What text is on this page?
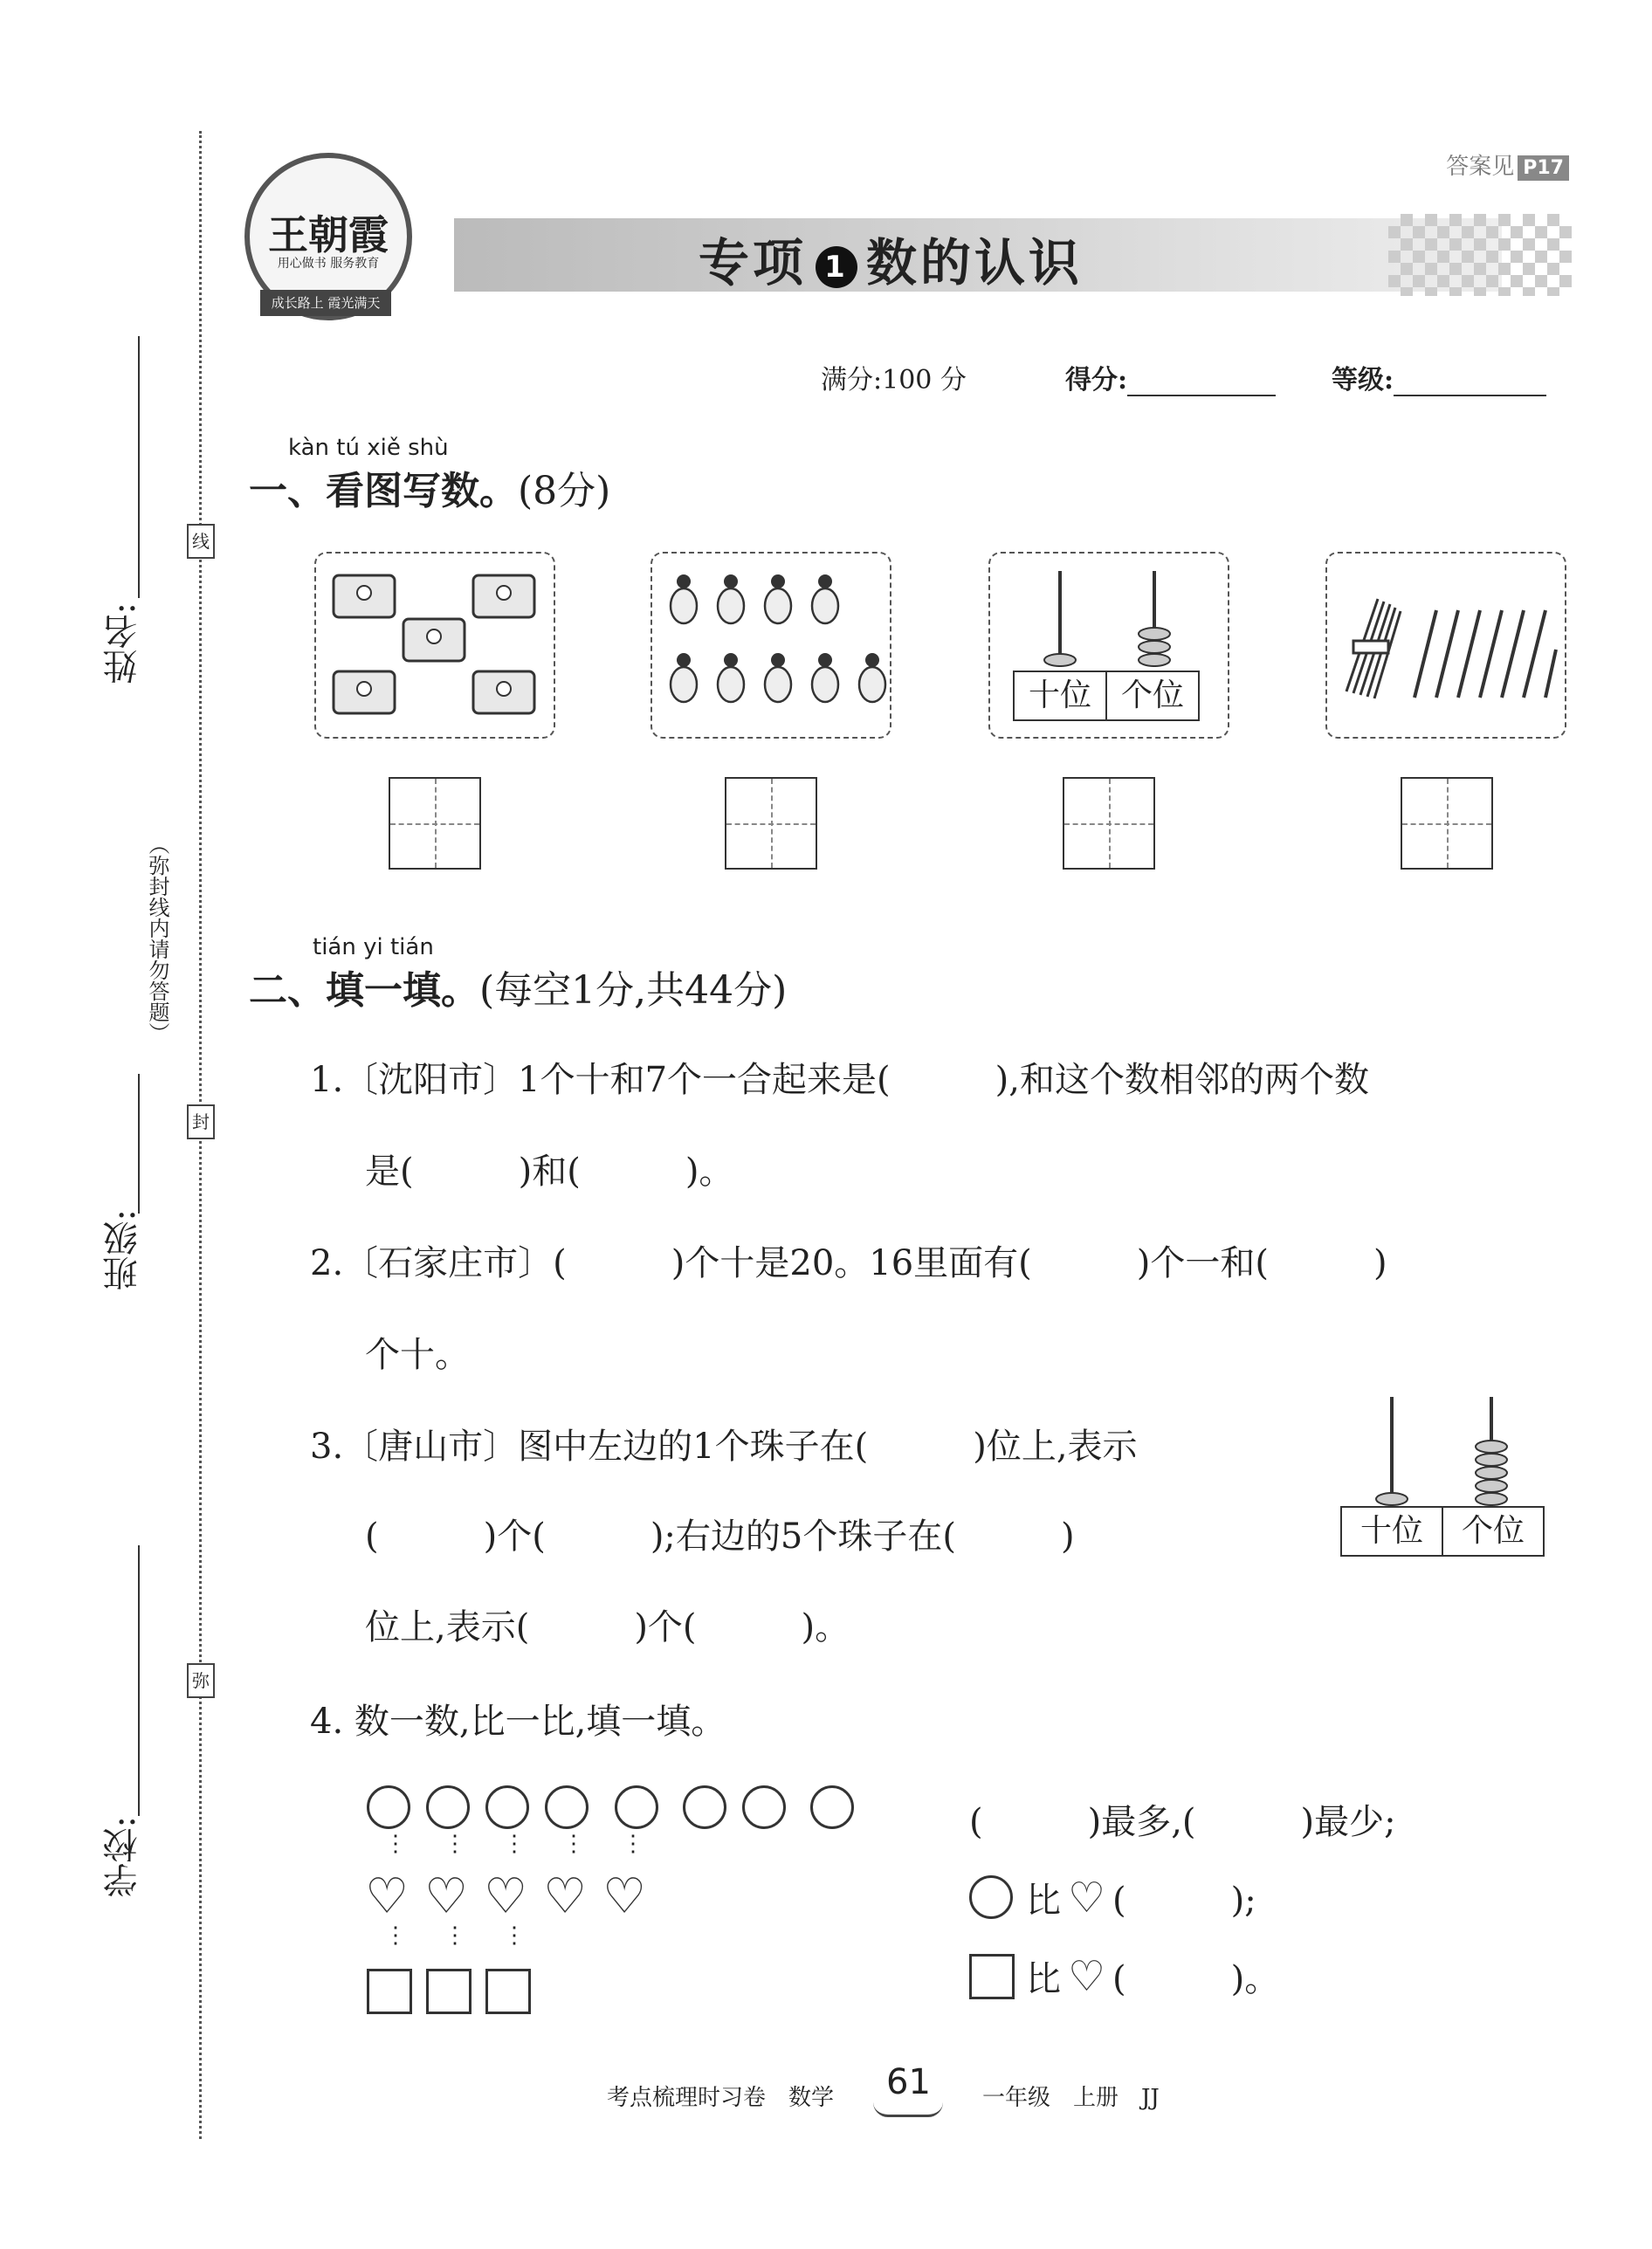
线
封
弥
姓名:
（弥封线内请勿答题）
班级:
学校:
答案见 P17
王朝霞
用心做书 服务教育
成长路上 霞光满天
专项 1 数的认识
满分:100 分	得分:	等级:
kàn tú xiě shù
一、看图写数。(8分)
十位 个位
tián yi tián
二、填一填。(每空1分,共44分)
1.〔沈阳市〕1个十和7个一合起来是(　　　),和这个数相邻的两个数
是(　　　)和(　　　)。
2.〔石家庄市〕(　　　)个十是20。16里面有(　　　)个一和(　　　)
个十。
3.〔唐山市〕图中左边的1个珠子在(　　　)位上,表示
(　　　)个(　　　);右边的5个珠子在(　　　)
位上,表示(　　　)个(　　　)。
十位	个位
4. 数一数,比一比,填一填。
⋮ ⋮ ⋮ ⋮ ⋮
♡ ♡ ♡ ♡ ♡
⋮ ⋮ ⋮
(　　　)最多,(　　　)最少;
比 ♡ (　　　);
比 ♡ (　　　)。
考点梳理时习卷　数学 61 一年级　上册　JJ
